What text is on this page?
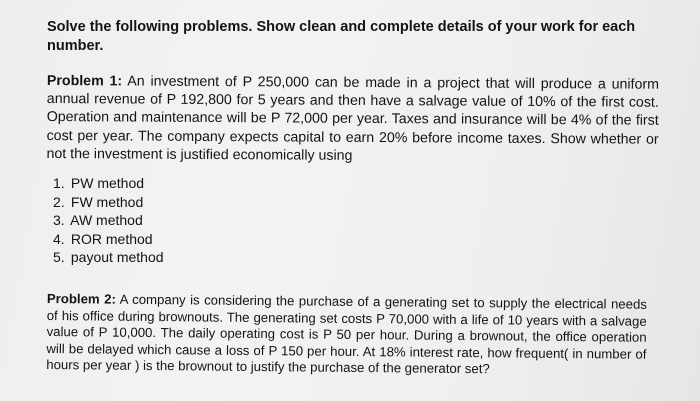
Solve the following problems. Show clean and complete details of your work for each number.

Problem 1: An investment of P 250,000 can be made in a project that will produce a uniform annual revenue of P 192,800 for 5 years and then have a salvage value of 10% of the first cost. Operation and maintenance will be P 72,000 per year. Taxes and insurance will be 4% of the first cost per year. The company expects capital to earn 20% before income taxes. Show whether or not the investment is justified economically using

1. PW method
2. FW method
3. AW method
4. ROR method
5. payout method

Problem 2: A company is considering the purchase of a generating set to supply the electrical needs of his office during brownouts. The generating set costs P 70,000 with a life of 10 years with a salvage value of P 10,000. The daily operating cost is P 50 per hour. During a brownout, the office operation will be delayed which cause a loss of P 150 per hour. At 18% interest rate, how frequent( in number of hours per year ) is the brownout to justify the purchase of the generator set?
